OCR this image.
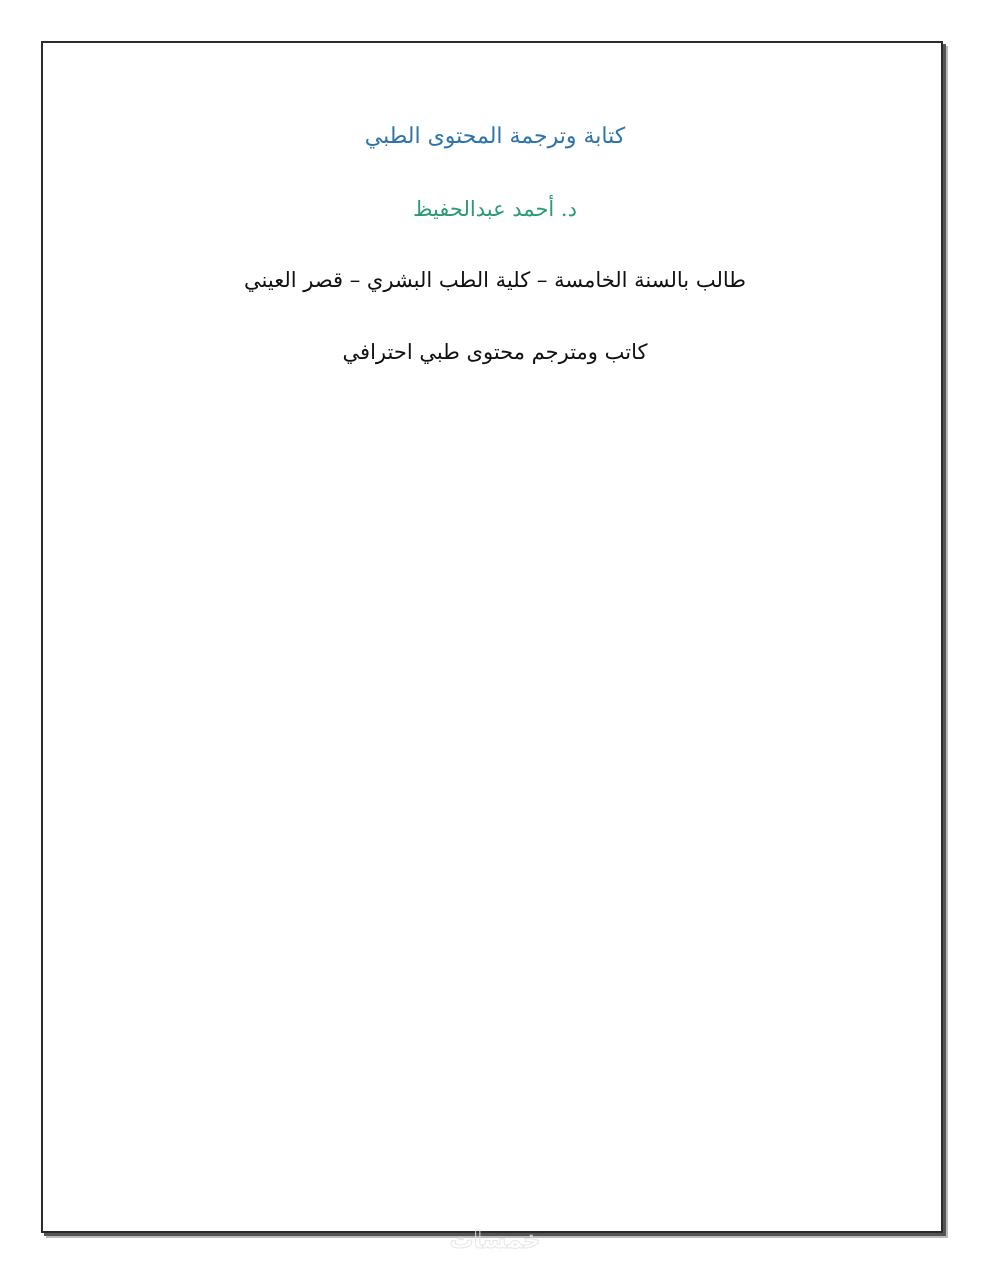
كتابة وترجمة المحتوى الطبي
د. أحمد عبدالحفيظ
طالب بالسنة الخامسة – كلية الطب البشري – قصر العيني
كاتب ومترجم محتوى طبي احترافي
خمسات
